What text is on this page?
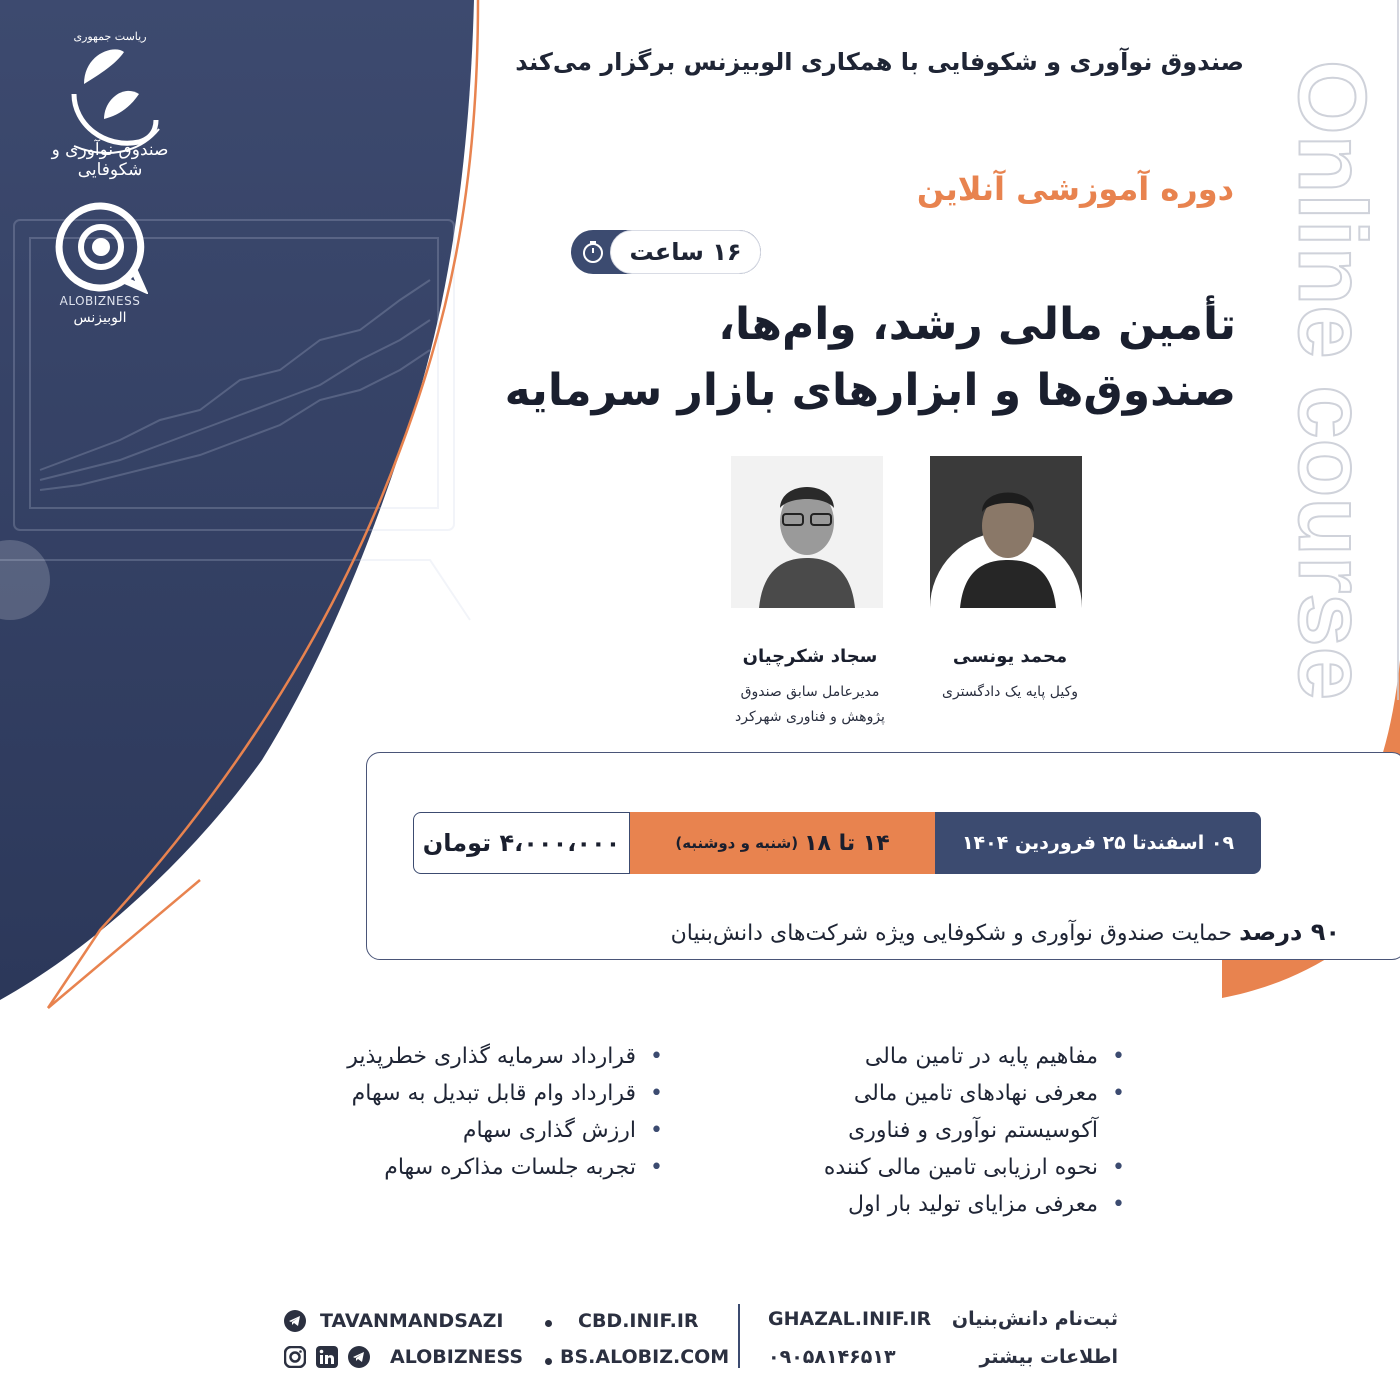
Online course
ریاست جمهوری
صندوق نوآوری و شکوفایی
ALOBIZNESS
الوبیزنس
صندوق نوآوری و شکوفایی با همکاری الوبیزنس برگزار می‌کند
دوره آموزشی آنلاین
۱۶ ساعت
تأمین مالی رشد، وام‌ها،
صندوق‌ها و ابزارهای بازار سرمایه
محمد یونسی
وکیل پایه یک دادگستری
سجاد شکرچیان
مدیرعامل سابق صندوق
پژوهش و فناوری شهرکرد
۰۹ اسفندتا ۲۵ فروردین ۱۴۰۴
۱۴ تا ۱۸
(شنبه و دوشنبه)
۴،۰۰۰،۰۰۰ تومان
۹۰ درصد حمایت صندوق نوآوری و شکوفایی ویژه شرکت‌های دانش‌بنیان
• مفاهیم پایه در تامین مالی
• معرفی نهادهای تامین مالی
آکوسیستم نوآوری و فناوری
• نحوه ارزیابی تامین مالی کننده
• معرفی مزایای تولید بار اول
• قرارداد سرمایه گذاری خطرپذیر
• قرارداد وام قابل تبدیل به سهام
• ارزش گذاری سهام
• تجربه جلسات مذاکره سهام
ثبت‌نام دانش‌بنیان
GHAZAL.INIF.IR
اطلاعات بیشتر
۰۹۰۵۸۱۴۶۵۱۳
CBD.INIF.IR
BS.ALOBIZ.COM
TAVANMANDSAZI
ALOBIZNESS
